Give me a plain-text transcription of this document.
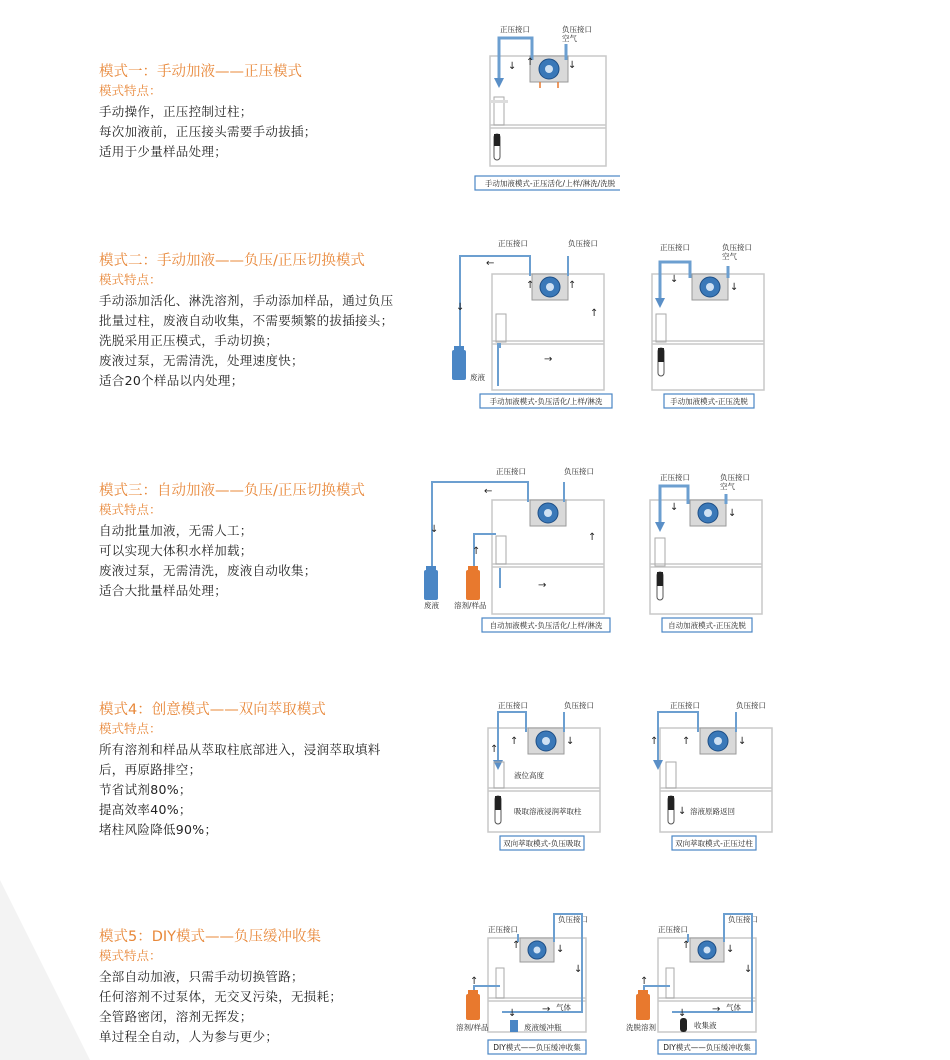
模式一：手动加液——正压模式

模式特点：

手动操作，正压控制过柱；

每次加液前，正压接头需要手动拔插；

适用于少量样品处理；

模式二：手动加液——负压/正压切换模式

模式特点：

手动添加活化、淋洗溶剂，手动添加样品，通过负压

批量过柱，废液自动收集，不需要频繁的拔插接头；

洗脱采用正压模式，手动切换；

废液过泵，无需清洗，处理速度快；

适合20个样品以内处理；

模式三：自动加液——负压/正压切换模式

模式特点：

自动批量加液，无需人工；

可以实现大体积水样加载；

废液过泵，无需清洗，废液自动收集；

适合大批量样品处理；

模式4：创意模式——双向萃取模式

模式特点：

所有溶剂和样品从萃取柱底部进入，浸润萃取填料

后，再原路排空；

节省试剂80%；

提高效率40%；

堵柱风险降低90%；

模式5：DIY模式——负压缓冲收集

模式特点：

全部自动加液，只需手动切换管路；

任何溶剂不过泵体，无交叉污染，无损耗；

全管路密闭，溶剂无挥发；

单过程全自动，人为参与更少；

正压接口	负压接口
空气
↓ ↑	↓
手动加液模式-正压活化/上样/淋洗/洗脱
正压接口	负压接口
废液
←
↓
↑
→
↑	↑
手动加液模式-负压活化/上样/淋洗
正压接口	负压接口
空气
↓
↓
手动加液模式-正压洗脱
正压接口	负压接口
废液 溶剂/样品
←
↓
↑
↑
→
自动加液模式-负压活化/上样/淋洗
正压接口	负压接口
空气
↓
↓
自动加液模式-正压洗脱
正压接口	负压接口
液位高度
吸取溶液浸润萃取柱
↑
↑	↓
双向萃取模式-负压吸取
正压接口	负压接口
溶液原路返回
↓
↑ ↑	↓
双向萃取模式-正压过柱
正压接口
负压接口
溶剂/样品	废液缓冲瓶
气体
→
↑
↓
↑	↓
↓
DIY模式——负压缓冲收集
正压接口
负压接口
洗脱溶剂	收集液
气体
→
↑
↓
↑	↓
↓
DIY模式——负压缓冲收集
